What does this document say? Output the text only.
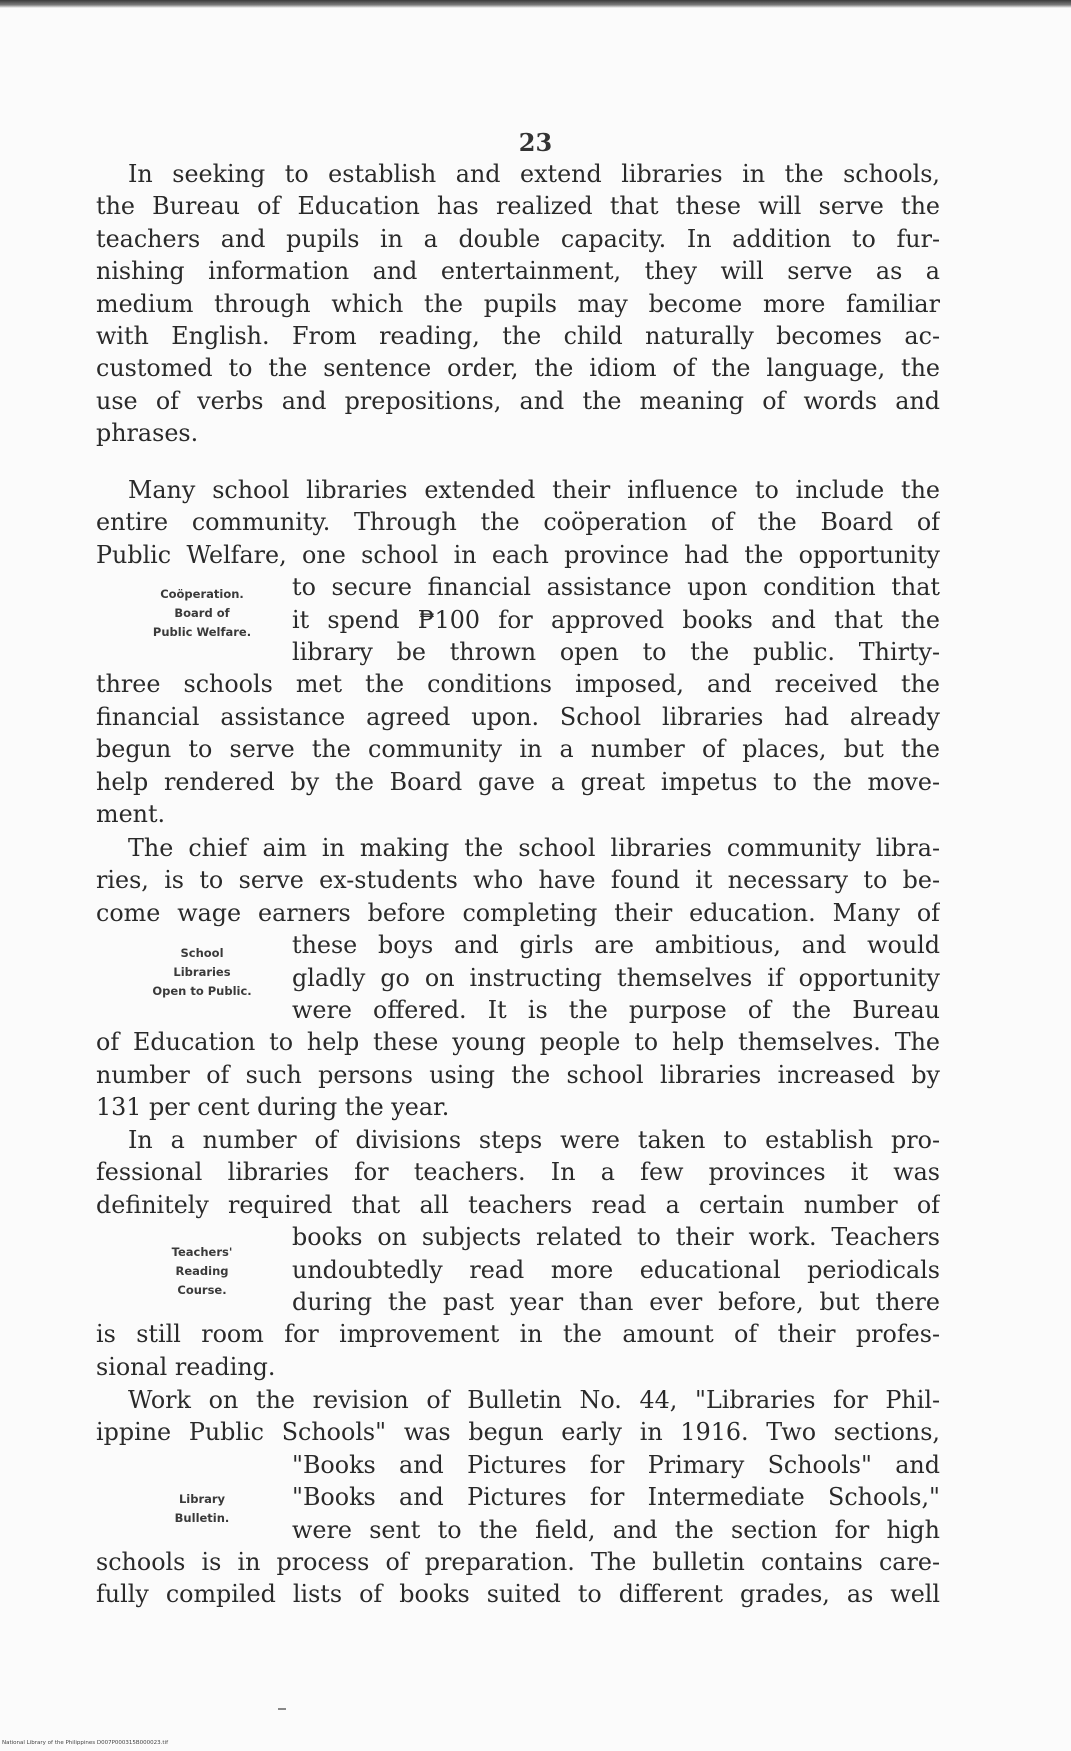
23
In seeking to establish and extend libraries in the schools,
the Bureau of Education has realized that these will serve the
teachers and pupils in a double capacity. In addition to fur-
nishing information and entertainment, they will serve as a
medium through which the pupils may become more familiar
with English. From reading, the child naturally becomes ac-
customed to the sentence order, the idiom of the language, the
use of verbs and prepositions, and the meaning of words and
phrases.
Many school libraries extended their influence to include the
entire community. Through the coöperation of the Board of
Public Welfare, one school in each province had the opportunity
to secure financial assistance upon condition that
it spend ₱100 for approved books and that the
library be thrown open to the public. Thirty-
three schools met the conditions imposed, and received the
financial assistance agreed upon. School libraries had already
begun to serve the community in a number of places, but the
help rendered by the Board gave a great impetus to the move-
ment.
Coöperation.
Board of
Public Welfare.
The chief aim in making the school libraries community libra-
ries, is to serve ex-students who have found it necessary to be-
come wage earners before completing their education. Many of
these boys and girls are ambitious, and would
gladly go on instructing themselves if opportunity
were offered. It is the purpose of the Bureau
of Education to help these young people to help themselves. The
number of such persons using the school libraries increased by
131 per cent during the year.
School
Libraries
Open to Public.
In a number of divisions steps were taken to establish pro-
fessional libraries for teachers. In a few provinces it was
definitely required that all teachers read a certain number of
books on subjects related to their work. Teachers
undoubtedly read more educational periodicals
during the past year than ever before, but there
is still room for improvement in the amount of their profes-
sional reading.
Teachers'
Reading
Course.
Work on the revision of Bulletin No. 44, "Libraries for Phil-
ippine Public Schools" was begun early in 1916. Two sections,
"Books and Pictures for Primary Schools" and
"Books and Pictures for Intermediate Schools,"
were sent to the field, and the section for high
schools is in process of preparation. The bulletin contains care-
fully compiled lists of books suited to different grades, as well
Library
Bulletin.
National Library of the Philippines D007P000315B000023.tif
